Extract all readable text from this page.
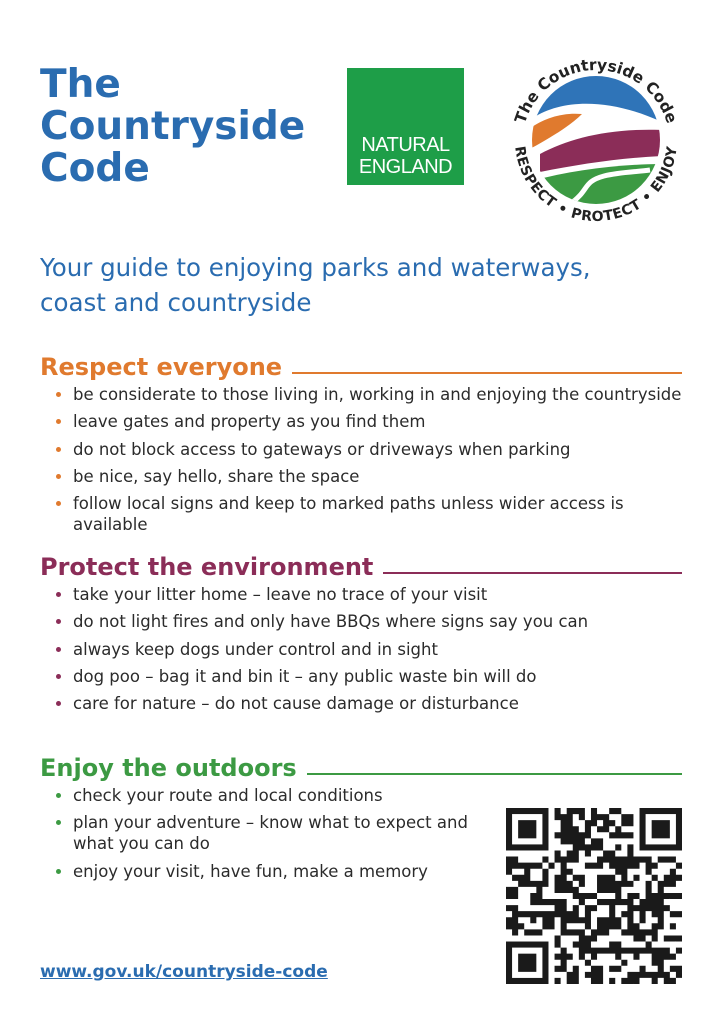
The
Countryside
Code
NATURAL
ENGLAND
The Countryside Code
RESPECT • PROTECT • ENJOY
Your guide to enjoying parks and waterways, coast and countryside
Respect everyone
be considerate to those living in, working in and enjoying the countryside
leave gates and property as you find them
do not block access to gateways or driveways when parking
be nice, say hello, share the space
follow local signs and keep to marked paths unless wider access is available
Protect the environment
take your litter home – leave no trace of your visit
do not light fires and only have BBQs where signs say you can
always keep dogs under control and in sight
dog poo – bag it and bin it – any public waste bin will do
care for nature – do not cause damage or disturbance
Enjoy the outdoors
check your route and local conditions
plan your adventure – know what to expect and what you can do
enjoy your visit, have fun, make a memory
www.gov.uk/countryside-code
